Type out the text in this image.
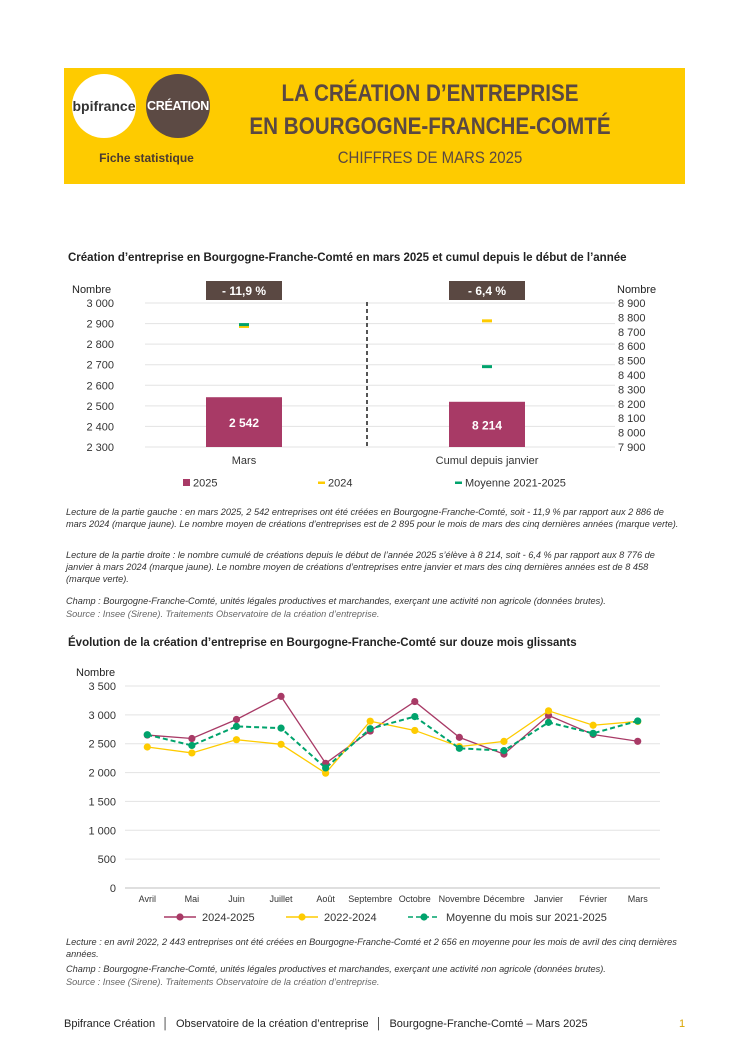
bpifrance CRÉATION
Fiche statistique
LA CRÉATION D’ENTREPRISE
EN BOURGOGNE-FRANCHE-COMTÉ
CHIFFRES DE MARS 2025
Création d’entreprise en Bourgogne-Franche-Comté en mars 2025 et cumul depuis le début de l’année
Nombre	Nombre
3 000
2 900
2 800
2 700
2 600
2 500
2 400
2 300
8 900
8 800
8 700
8 600
8 500
8 400
8 300
8 200
8 100
8 000
7 900
2 542	8 214
- 11,9 %	- 6,4 %
Mars	Cumul depuis janvier
2025	2024	Moyenne 2021-2025
Lecture de la partie gauche : en mars 2025, 2 542 entreprises ont été créées en Bourgogne-Franche-Comté, soit - 11,9 % par rapport aux 2 886 de mars 2024 (marque jaune). Le nombre moyen de créations d’entreprises est de 2 895 pour le mois de mars des cinq dernières années (marque verte).
Lecture de la partie droite : le nombre cumulé de créations depuis le début de l’année 2025 s’élève à 8 214, soit - 6,4 % par rapport aux 8 776 de janvier à mars 2024 (marque jaune). Le nombre moyen de créations d’entreprises entre janvier et mars des cinq dernières années est de 8 458 (marque verte).
Champ : Bourgogne-Franche-Comté, unités légales productives et marchandes, exerçant une activité non agricole (données brutes).
Source : Insee (Sirene). Traitements Observatoire de la création d’entreprise.
Évolution de la création d’entreprise en Bourgogne-Franche-Comté sur douze mois glissants
Nombre
3 500
3 000
2 500
2 000
1 500
1 000
500
0
Avril	Mai	Juin	Juillet	Août Septembre Octobre Novembre Décembre Janvier Février Mars
2024-2025	2022-2024	Moyenne du mois sur 2021-2025
Lecture : en avril 2022, 2 443 entreprises ont été créées en Bourgogne-Franche-Comté et 2 656 en moyenne pour les mois de avril des cinq dernières années.
Champ : Bourgogne-Franche-Comté, unités légales productives et marchandes, exerçant une activité non agricole (données brutes).
Source : Insee (Sirene). Traitements Observatoire de la création d’entreprise.
Bpifrance Création │ Observatoire de la création d’entreprise │ Bourgogne-Franche-Comté – Mars 2025	1
